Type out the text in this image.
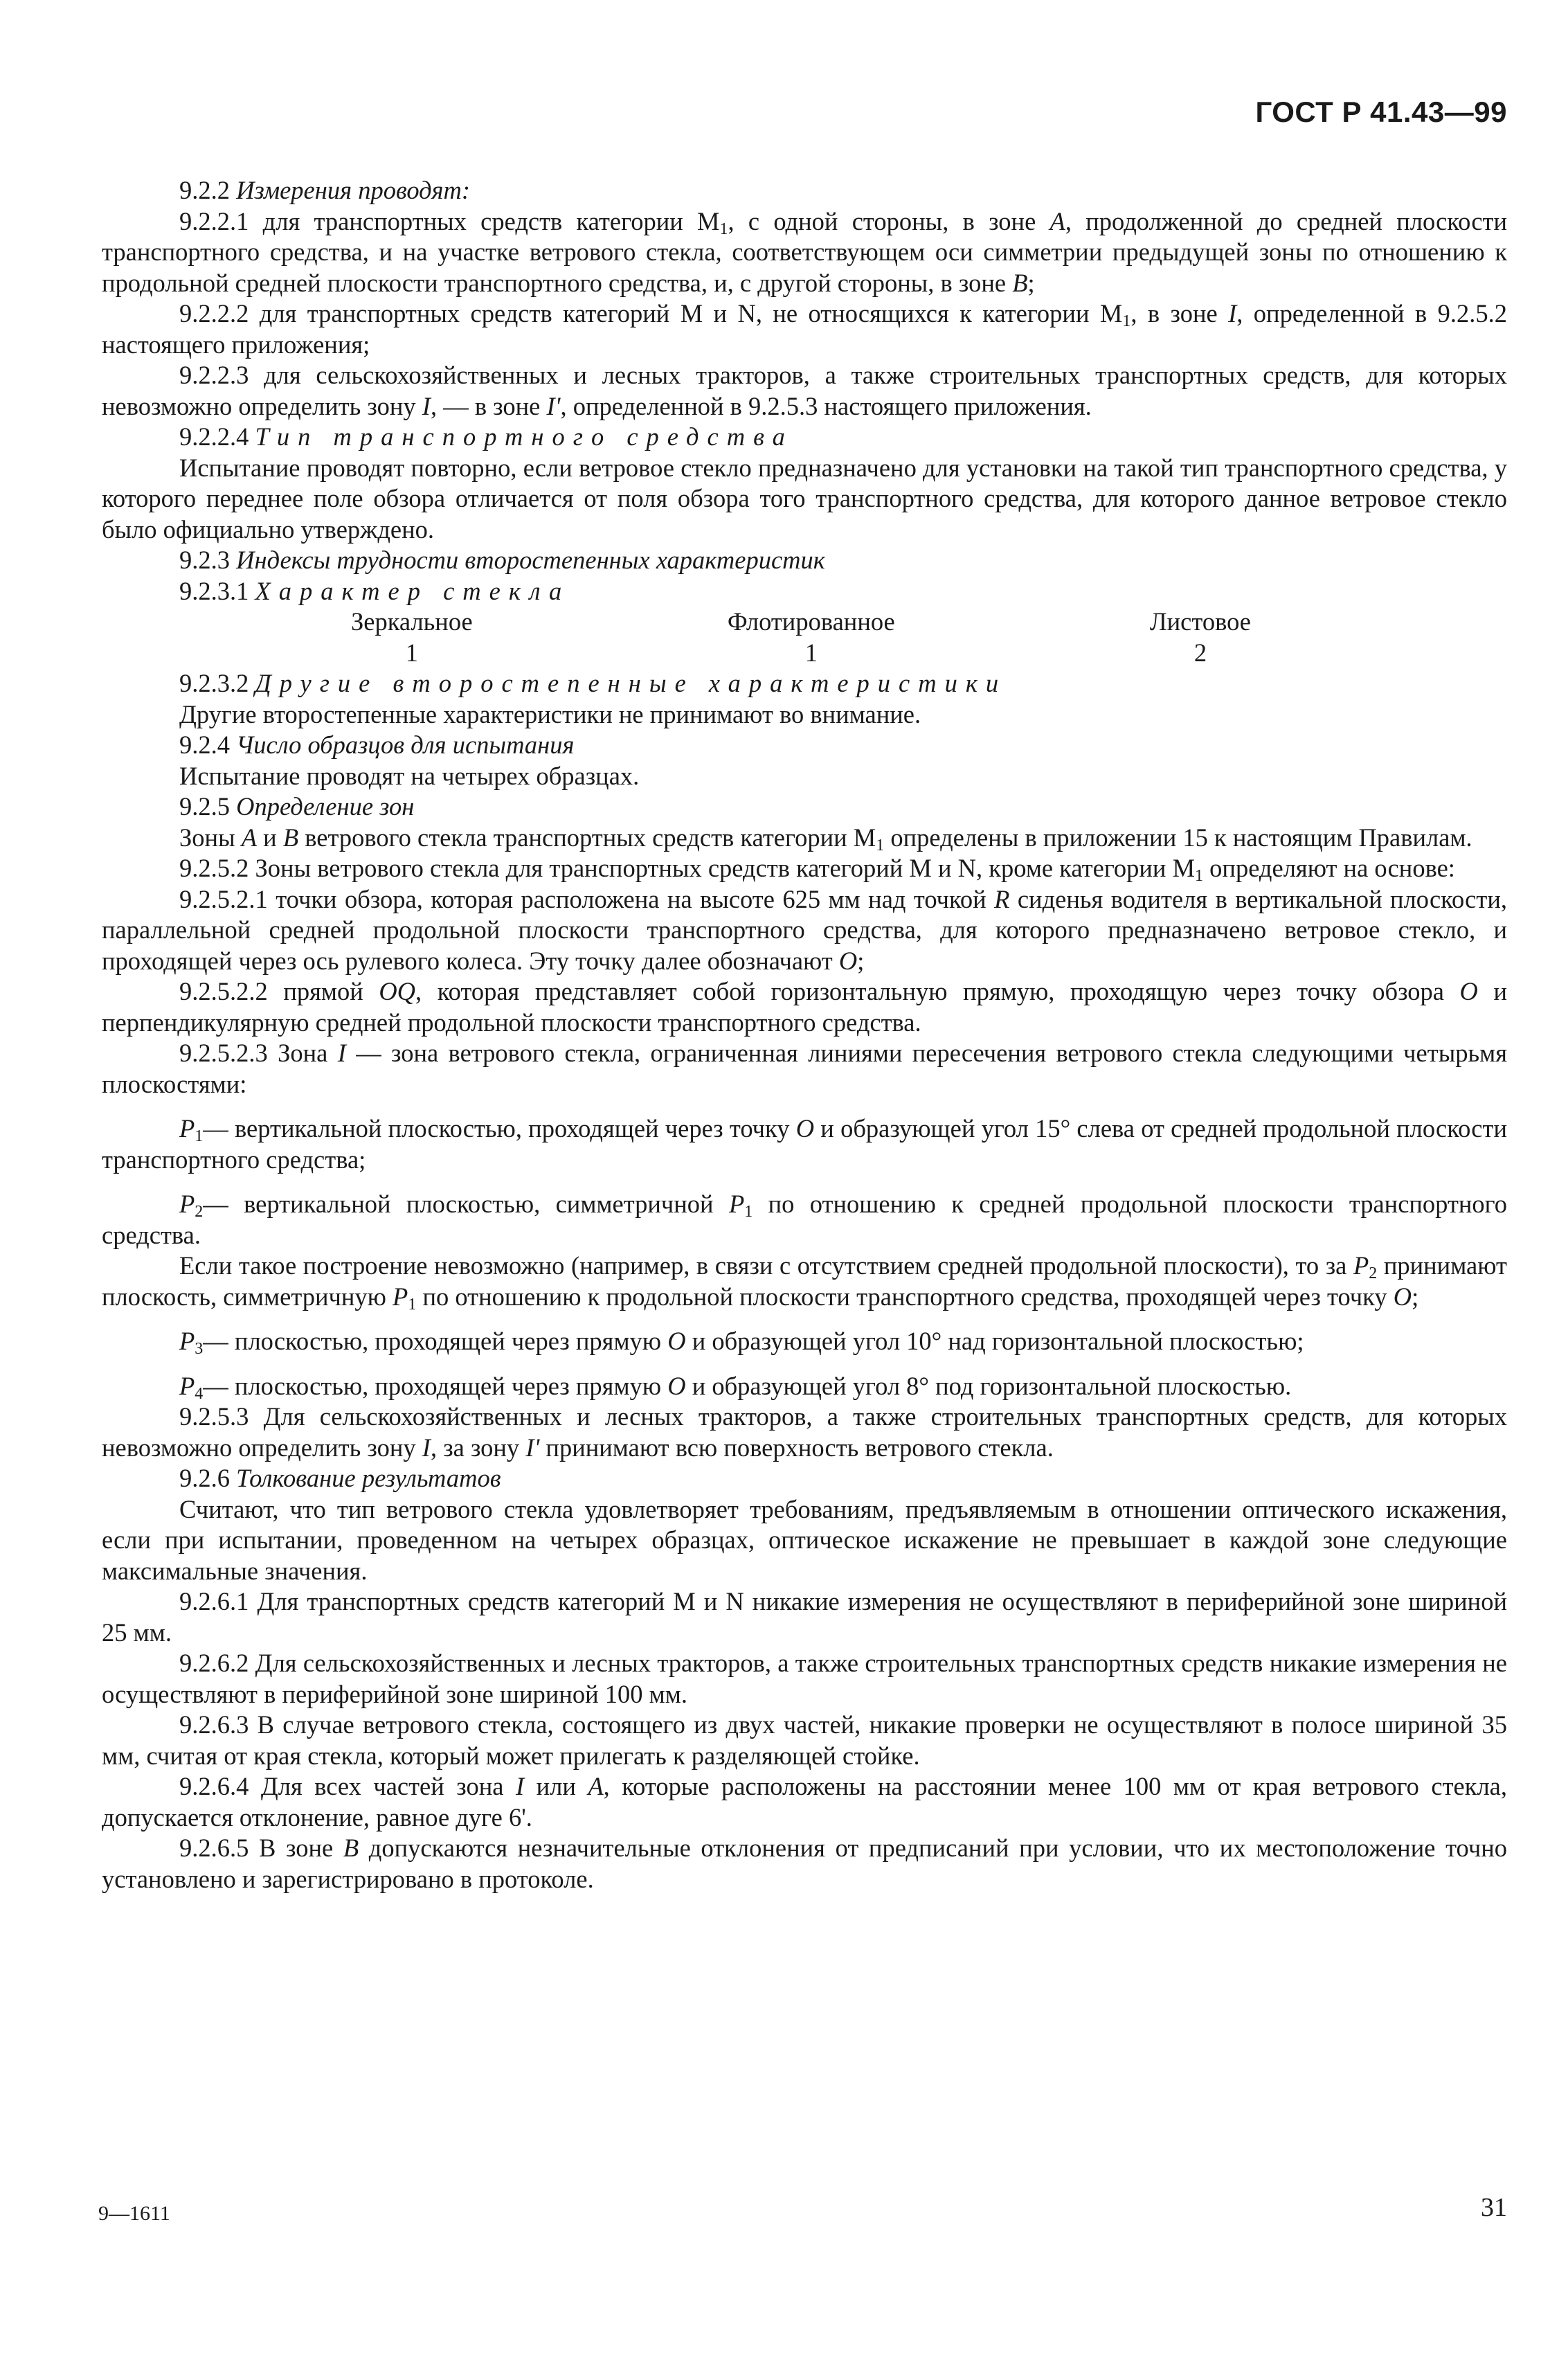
ГОСТ Р 41.43—99

9.2.2 Измерения проводят:

9.2.2.1 для транспортных средств категории $M_1$, с одной стороны, в зоне A, продолженной до средней плоскости транспортного средства, и на участке ветрового стекла, соответствующем оси симметрии предыдущей зоны по отношению к продольной средней плоскости транспортного средства, и, с другой стороны, в зоне B;

9.2.2.2 для транспортных средств категорий M и N, не относящихся к категории $M_1$, в зоне I, определенной в 9.2.5.2 настоящего приложения;

9.2.2.3 для сельскохозяйственных и лесных тракторов, а также строительных транспортных средств, для которых невозможно определить зону I, — в зоне I', определенной в 9.2.5.3 настоящего приложения.

9.2.2.4 Тип транспортного средства

Испытание проводят повторно, если ветровое стекло предназначено для установки на такой тип транспортного средства, у которого переднее поле обзора отличается от поля обзора того транспортного средства, для которого данное ветровое стекло было официально утверждено.

9.2.3 Индексы трудности второстепенных характеристик

9.2.3.1 Характер стекла

Зеркальное
1
Флотированное
1
Листовое
2

9.2.3.2 Другие второстепенные характеристики

Другие второстепенные характеристики не принимают во внимание.

9.2.4 Число образцов для испытания

Испытание проводят на четырех образцах.

9.2.5 Определение зон

Зоны A и B ветрового стекла транспортных средств категории $M_1$ определены в приложении 15 к настоящим Правилам.

9.2.5.2 Зоны ветрового стекла для транспортных средств категорий M и N, кроме категории $M_1$ определяют на основе:

9.2.5.2.1 точки обзора, которая расположена на высоте 625 мм над точкой R сиденья водителя в вертикальной плоскости, параллельной средней продольной плоскости транспортного средства, для которого предназначено ветровое стекло, и проходящей через ось рулевого колеса. Эту точку далее обозначают O;

9.2.5.2.2 прямой OQ, которая представляет собой горизонтальную прямую, проходящую через точку обзора O и перпендикулярную средней продольной плоскости транспортного средства.

9.2.5.2.3 Зона I — зона ветрового стекла, ограниченная линиями пересечения ветрового стекла следующими четырьмя плоскостями:

$P_1—$ вертикальной плоскостью, проходящей через точку O и образующей угол 15° слева от средней продольной плоскости транспортного средства;

$P_2—$ вертикальной плоскостью, симметричной $P_1$ по отношению к средней продольной плоскости транспортного средства.

Если такое построение невозможно (например, в связи с отсутствием средней продольной плоскости), то за $P_2$ принимают плоскость, симметричную $P_1$ по отношению к продольной плоскости транспортного средства, проходящей через точку O;

$P_3—$ плоскостью, проходящей через прямую O и образующей угол 10° над горизонтальной плоскостью;

$P_4—$ плоскостью, проходящей через прямую O и образующей угол 8° под горизонтальной плоскостью.

9.2.5.3 Для сельскохозяйственных и лесных тракторов, а также строительных транспортных средств, для которых невозможно определить зону I, за зону I' принимают всю поверхность ветрового стекла.

9.2.6 Толкование результатов

Считают, что тип ветрового стекла удовлетворяет требованиям, предъявляемым в отношении оптического искажения, если при испытании, проведенном на четырех образцах, оптическое искажение не превышает в каждой зоне следующие максимальные значения.

9.2.6.1 Для транспортных средств категорий M и N никакие измерения не осуществляют в периферийной зоне шириной 25 мм.

9.2.6.2 Для сельскохозяйственных и лесных тракторов, а также строительных транспортных средств никакие измерения не осуществляют в периферийной зоне шириной 100 мм.

9.2.6.3 В случае ветрового стекла, состоящего из двух частей, никакие проверки не осуществляют в полосе шириной 35 мм, считая от края стекла, который может прилегать к разделяющей стойке.

9.2.6.4 Для всех частей зона I или A, которые расположены на расстоянии менее 100 мм от края ветрового стекла, допускается отклонение, равное дуге 6'.

9.2.6.5 В зоне B допускаются незначительные отклонения от предписаний при условии, что их местоположение точно установлено и зарегистрировано в протоколе.

9—1611	31
